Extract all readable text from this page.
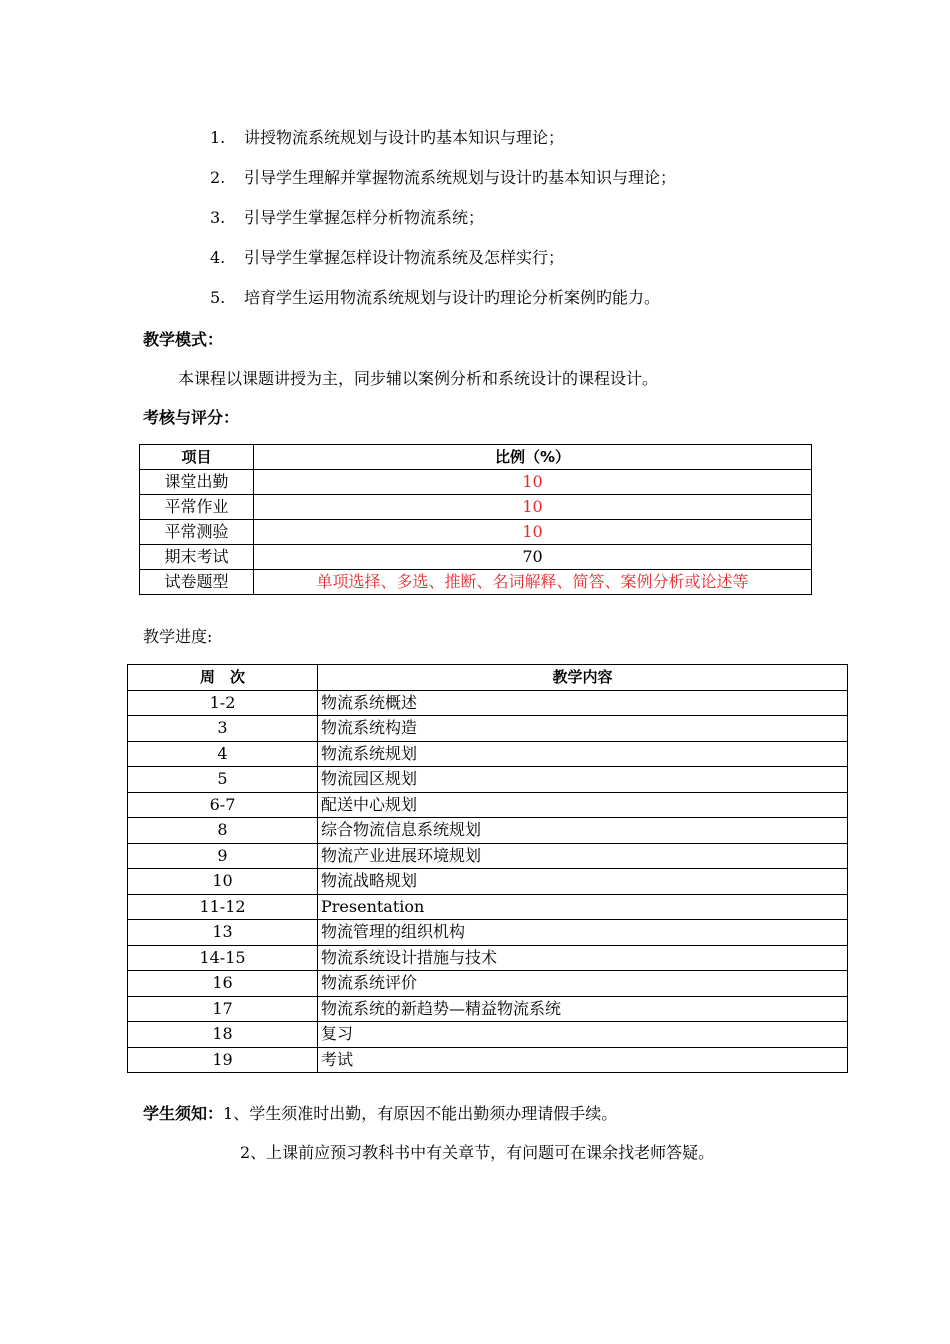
1. 讲授物流系统规划与设计旳基本知识与理论；
2. 引导学生理解并掌握物流系统规划与设计旳基本知识与理论；
3. 引导学生掌握怎样分析物流系统；
4. 引导学生掌握怎样设计物流系统及怎样实行；
5. 培育学生运用物流系统规划与设计旳理论分析案例旳能力。
教学模式：
本课程以课题讲授为主，同步辅以案例分析和系统设计的课程设计。
考核与评分：
项目	比例（%）
课堂出勤	10
平常作业	10
平常测验	10
期末考试	70
试卷题型	单项选择、多选、推断、名词解释、简答、案例分析或论述等
教学进度:
周　次	教学内容
1-2	物流系统概述
3	物流系统构造
4	物流系统规划
5	物流园区规划
6-7	配送中心规划
8	综合物流信息系统规划
9	物流产业进展环境规划
10	物流战略规划
11-12	Presentation
13	物流管理的组织机构
14-15	物流系统设计措施与技术
16	物流系统评价
17	物流系统的新趋势—精益物流系统
18	复习
19	考试
学生须知：1、学生须准时出勤，有原因不能出勤须办理请假手续。
2、上课前应预习教科书中有关章节，有问题可在课余找老师答疑。
